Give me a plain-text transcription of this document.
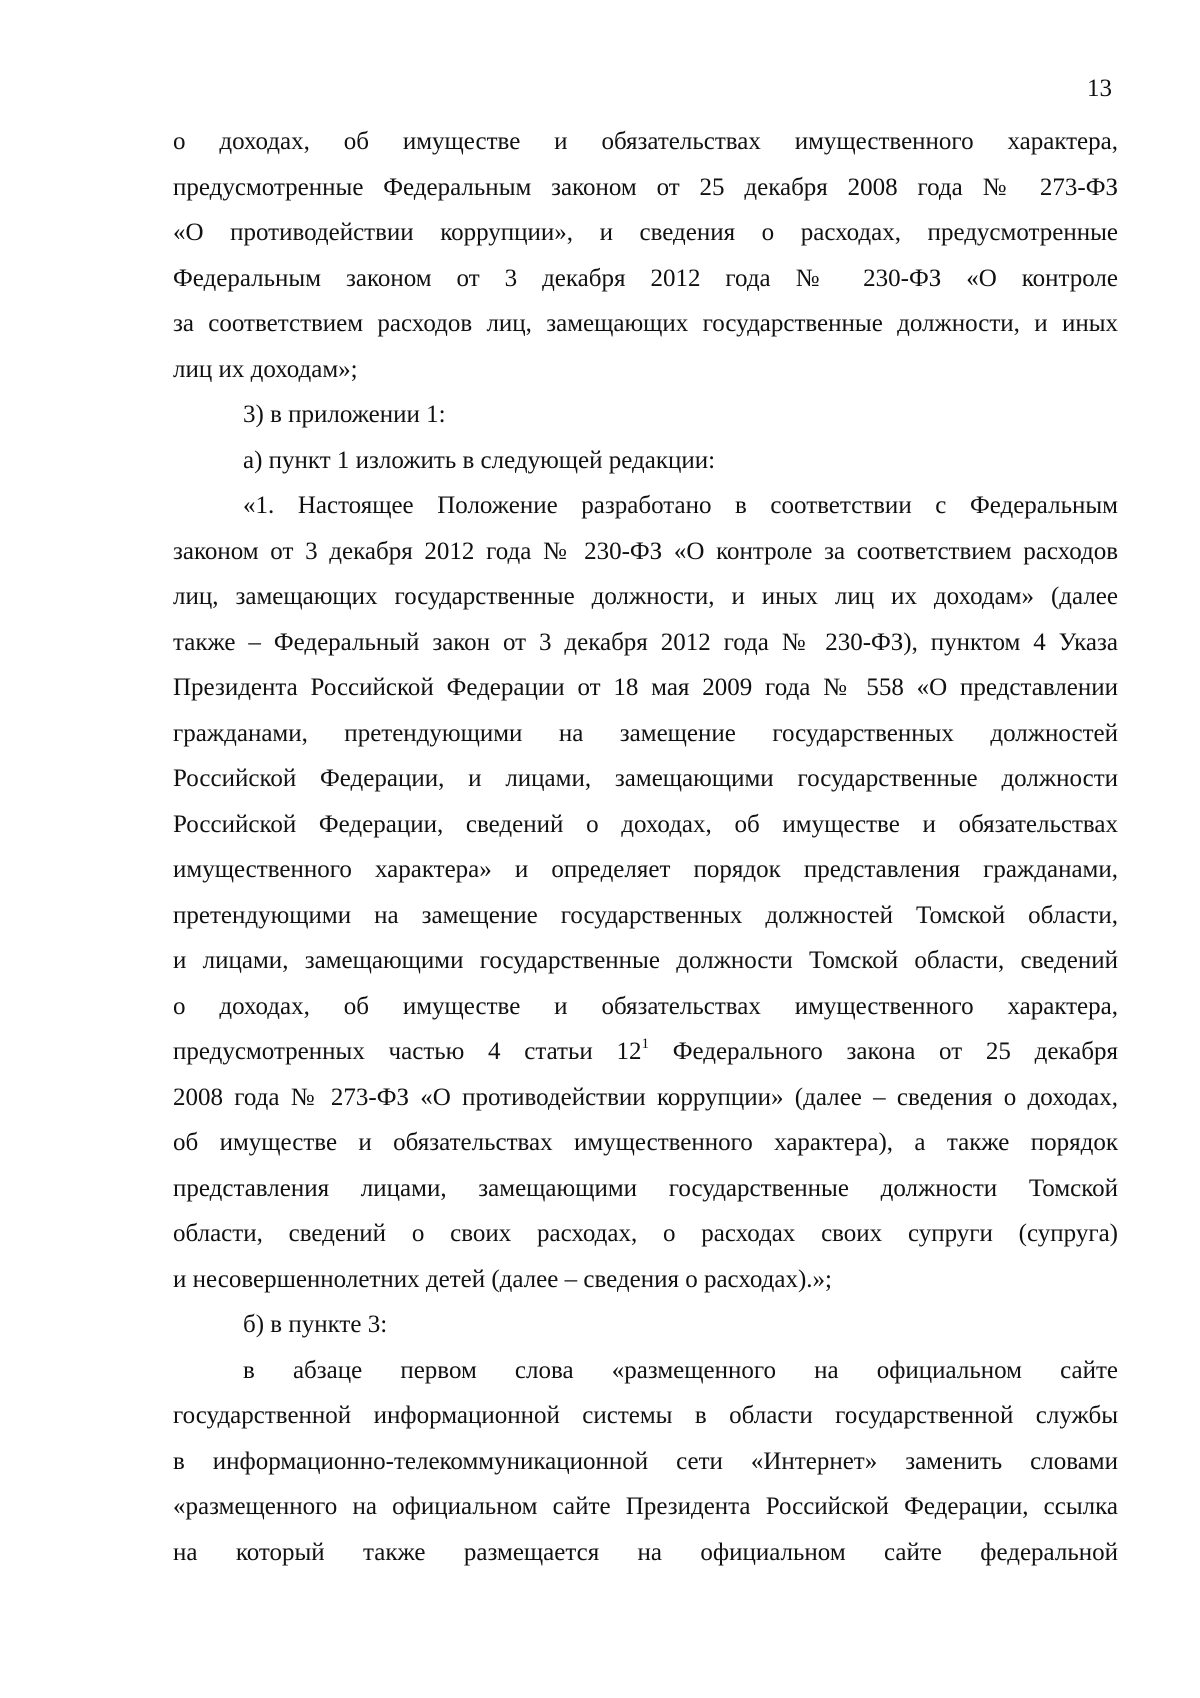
13
о доходах, об имуществе и обязательствах имущественного характера,
предусмотренные Федеральным законом от 25 декабря 2008 года № 273-ФЗ
«О противодействии коррупции», и сведения о расходах, предусмотренные
Федеральным законом от 3 декабря 2012 года № 230-ФЗ «О контроле
за соответствием расходов лиц, замещающих государственные должности, и иных
лиц их доходам»;
3) в приложении 1:
а) пункт 1 изложить в следующей редакции:
«1. Настоящее Положение разработано в соответствии с Федеральным
законом от 3 декабря 2012 года № 230-ФЗ «О контроле за соответствием расходов
лиц, замещающих государственные должности, и иных лиц их доходам» (далее
также – Федеральный закон от 3 декабря 2012 года № 230-ФЗ), пунктом 4 Указа
Президента Российской Федерации от 18 мая 2009 года № 558 «О представлении
гражданами, претендующими на замещение государственных должностей
Российской Федерации, и лицами, замещающими государственные должности
Российской Федерации, сведений о доходах, об имуществе и обязательствах
имущественного характера» и определяет порядок представления гражданами,
претендующими на замещение государственных должностей Томской области,
и лицами, замещающими государственные должности Томской области, сведений
о доходах, об имуществе и обязательствах имущественного характера,
предусмотренных частью 4 статьи $12^1$ Федерального закона от 25 декабря
2008 года № 273-ФЗ «О противодействии коррупции» (далее – сведения о доходах,
об имуществе и обязательствах имущественного характера), а также порядок
представления лицами, замещающими государственные должности Томской
области, сведений о своих расходах, о расходах своих супруги (супруга)
и несовершеннолетних детей (далее – сведения о расходах).»;
б) в пункте 3:
в абзаце первом слова «размещенного на официальном сайте
государственной информационной системы в области государственной службы
в информационно-телекоммуникационной сети «Интернет» заменить словами
«размещенного на официальном сайте Президента Российской Федерации, ссылка
на который также размещается на официальном сайте федеральной
